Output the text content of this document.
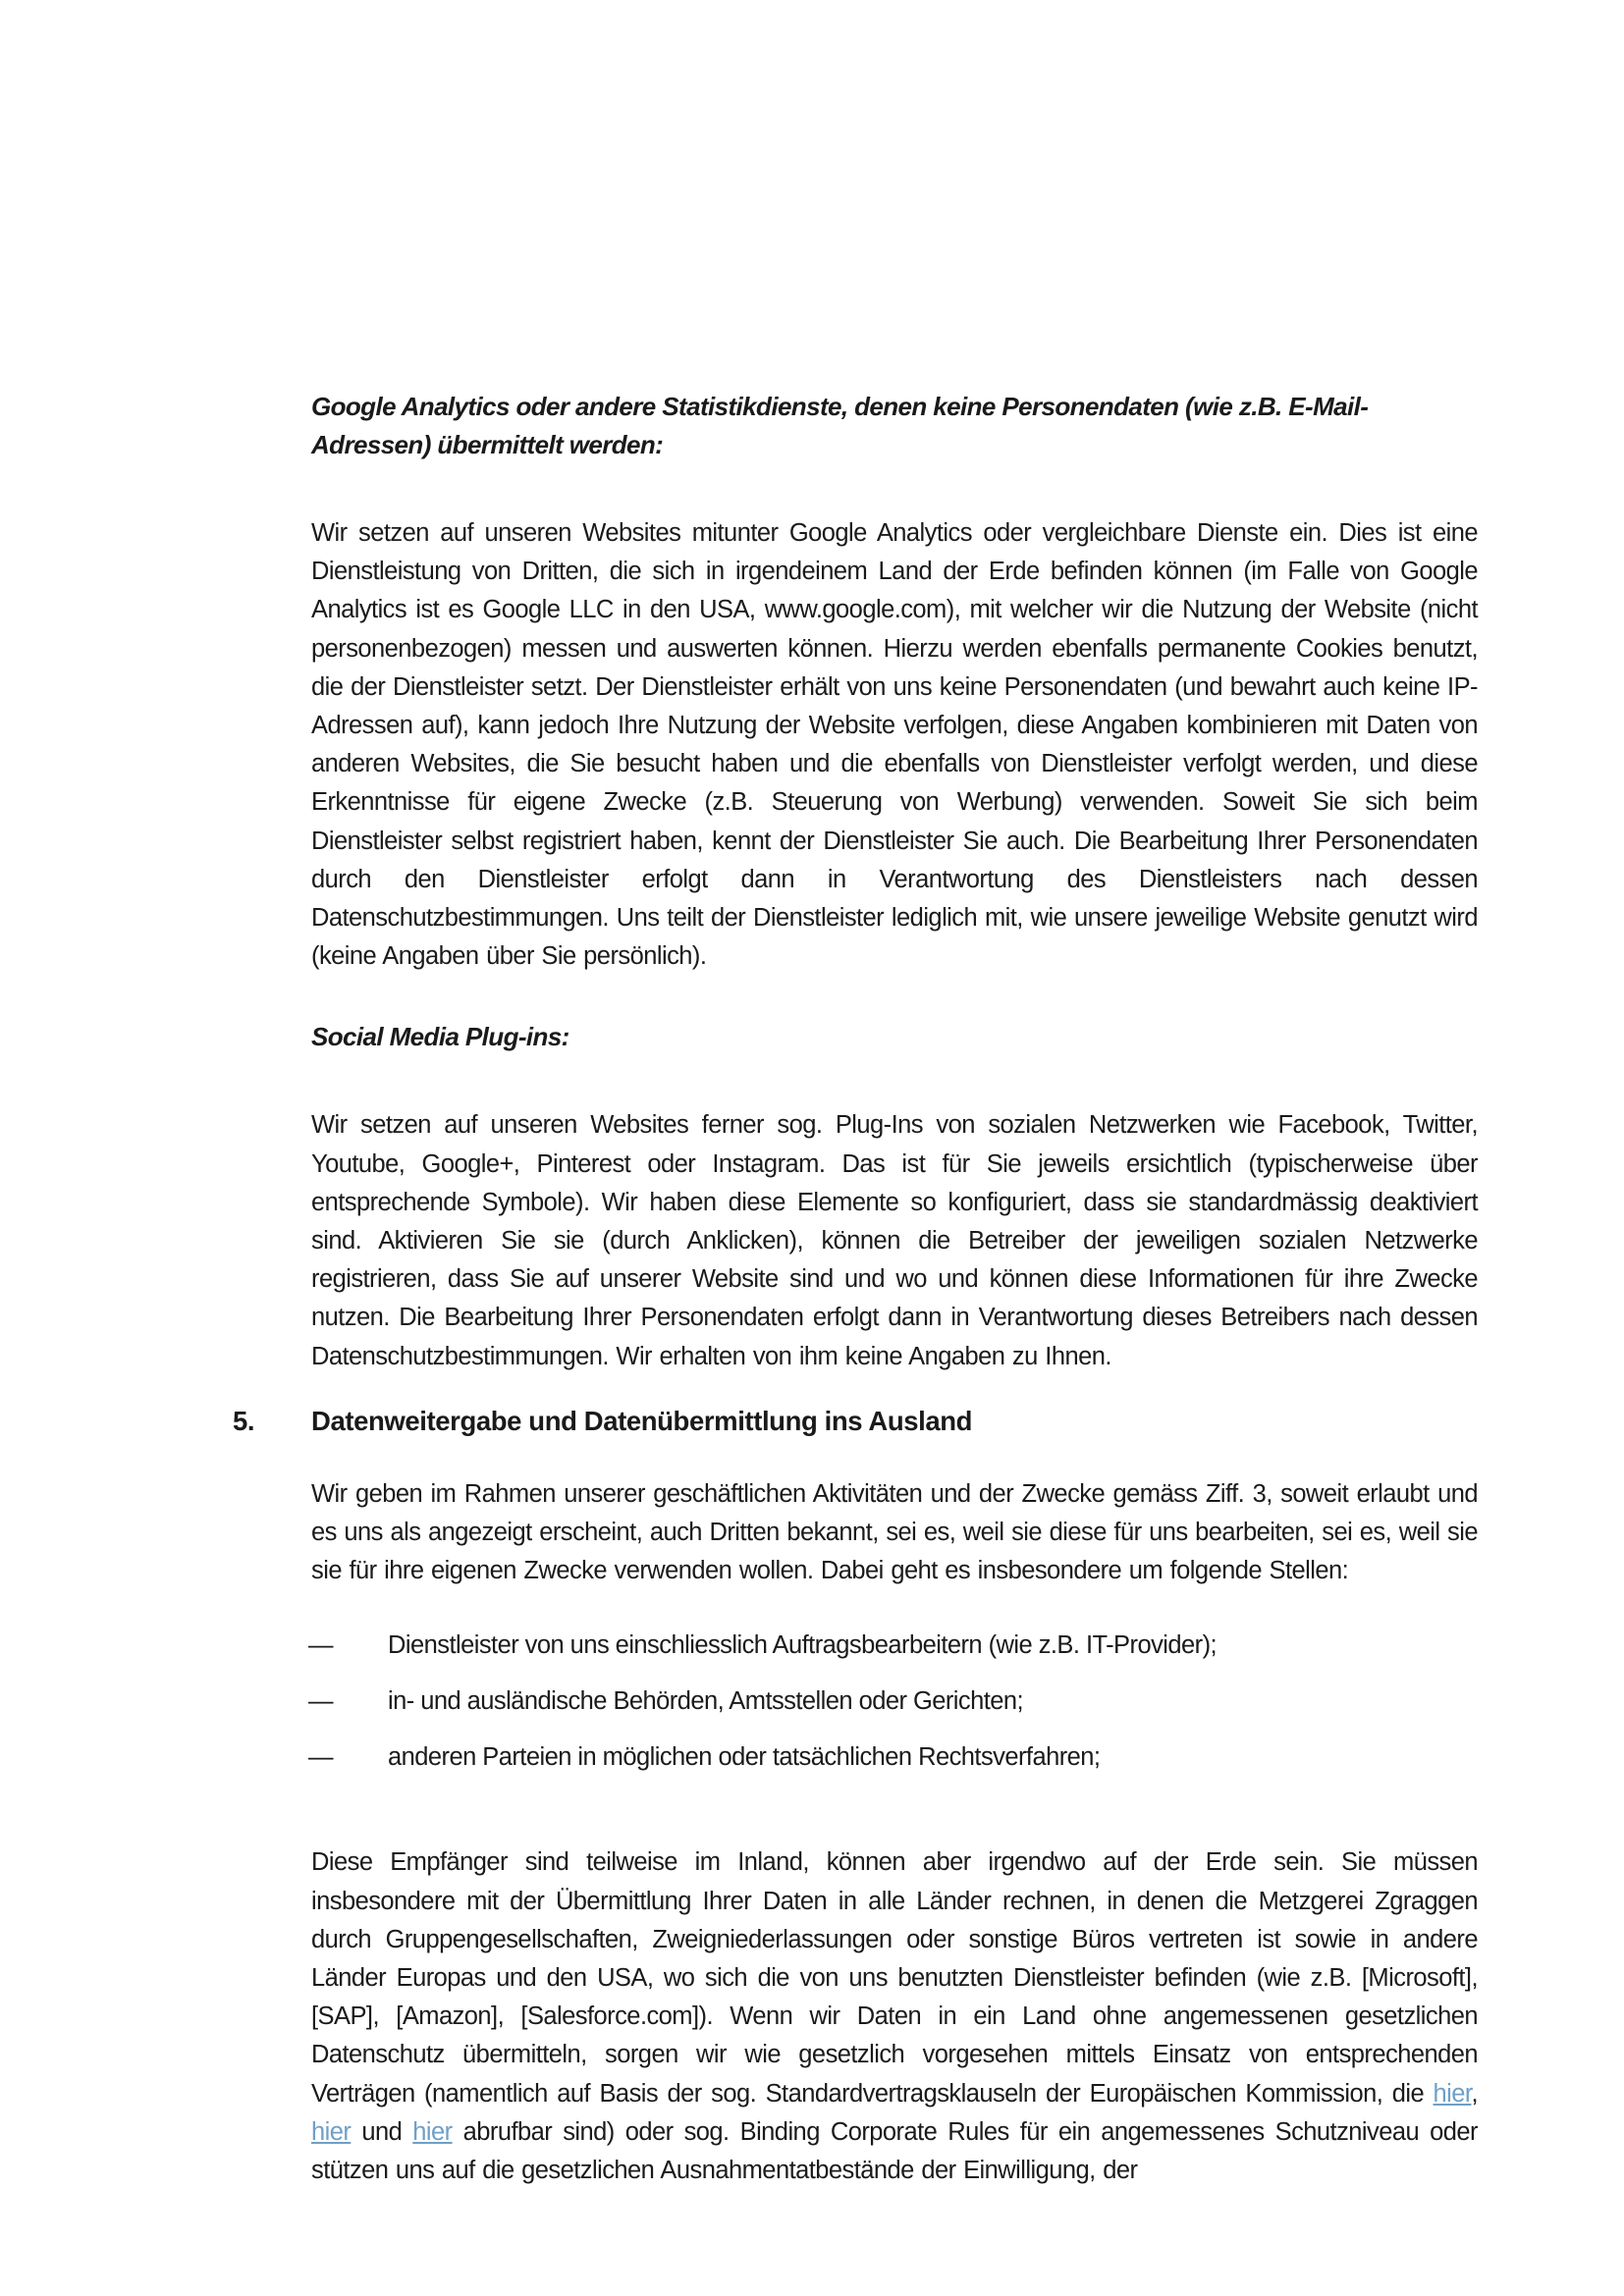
Google Analytics oder andere Statistikdienste, denen keine Personendaten (wie z.B. E-Mail-Adressen) übermittelt werden:

Wir setzen auf unseren Websites mitunter Google Analytics oder vergleichbare Dienste ein. Dies ist eine Dienstleistung von Dritten, die sich in irgendeinem Land der Erde befinden können (im Falle von Google Analytics ist es Google LLC in den USA, www.google.com), mit welcher wir die Nutzung der Website (nicht personenbezogen) messen und auswerten können. Hierzu werden ebenfalls permanente Cookies benutzt, die der Dienstleister setzt. Der Dienstleister erhält von uns keine Personendaten (und bewahrt auch keine IP-Adressen auf), kann jedoch Ihre Nutzung der Website verfolgen, diese Angaben kombinieren mit Daten von anderen Websites, die Sie besucht haben und die ebenfalls von Dienstleister verfolgt werden, und diese Erkenntnisse für eigene Zwecke (z.B. Steuerung von Werbung) verwenden. Soweit Sie sich beim Dienstleister selbst registriert haben, kennt der Dienstleister Sie auch. Die Bearbeitung Ihrer Personendaten durch den Dienstleister erfolgt dann in Verantwortung des Dienstleisters nach dessen Datenschutzbestimmungen. Uns teilt der Dienstleister lediglich mit, wie unsere jeweilige Website genutzt wird (keine Angaben über Sie persönlich).

Social Media Plug-ins:

Wir setzen auf unseren Websites ferner sog. Plug-Ins von sozialen Netzwerken wie Facebook, Twitter, Youtube, Google+, Pinterest oder Instagram. Das ist für Sie jeweils ersichtlich (typischerweise über entsprechende Symbole). Wir haben diese Elemente so konfiguriert, dass sie standardmässig deaktiviert sind. Aktivieren Sie sie (durch Anklicken), können die Betreiber der jeweiligen sozialen Netzwerke registrieren, dass Sie auf unserer Website sind und wo und können diese Informationen für ihre Zwecke nutzen. Die Bearbeitung Ihrer Personendaten erfolgt dann in Verantwortung dieses Betreibers nach dessen Datenschutzbestimmungen. Wir erhalten von ihm keine Angaben zu Ihnen.

5. Datenweitergabe und Datenübermittlung ins Ausland

Wir geben im Rahmen unserer geschäftlichen Aktivitäten und der Zwecke gemäss Ziff. 3, soweit erlaubt und es uns als angezeigt erscheint, auch Dritten bekannt, sei es, weil sie diese für uns bearbeiten, sei es, weil sie sie für ihre eigenen Zwecke verwenden wollen. Dabei geht es insbesondere um folgende Stellen:

— Dienstleister von uns einschliesslich Auftragsbearbeitern (wie z.B. IT-Provider);
— in- und ausländische Behörden, Amtsstellen oder Gerichten;
— anderen Parteien in möglichen oder tatsächlichen Rechtsverfahren;

Diese Empfänger sind teilweise im Inland, können aber irgendwo auf der Erde sein. Sie müssen insbesondere mit der Übermittlung Ihrer Daten in alle Länder rechnen, in denen die Metzgerei Zgraggen durch Gruppengesellschaften, Zweigniederlassungen oder sonstige Büros vertreten ist sowie in andere Länder Europas und den USA, wo sich die von uns benutzten Dienstleister befinden (wie z.B. [Microsoft], [SAP], [Amazon], [Salesforce.com]). Wenn wir Daten in ein Land ohne angemessenen gesetzlichen Datenschutz übermitteln, sorgen wir wie gesetzlich vorgesehen mittels Einsatz von entsprechenden Verträgen (namentlich auf Basis der sog. Standardvertragsklauseln der Europäischen Kommission, die hier, hier und hier abrufbar sind) oder sog. Binding Corporate Rules für ein angemessenes Schutzniveau oder stützen uns auf die gesetzlichen Ausnahmentatbestände der Einwilligung, der
